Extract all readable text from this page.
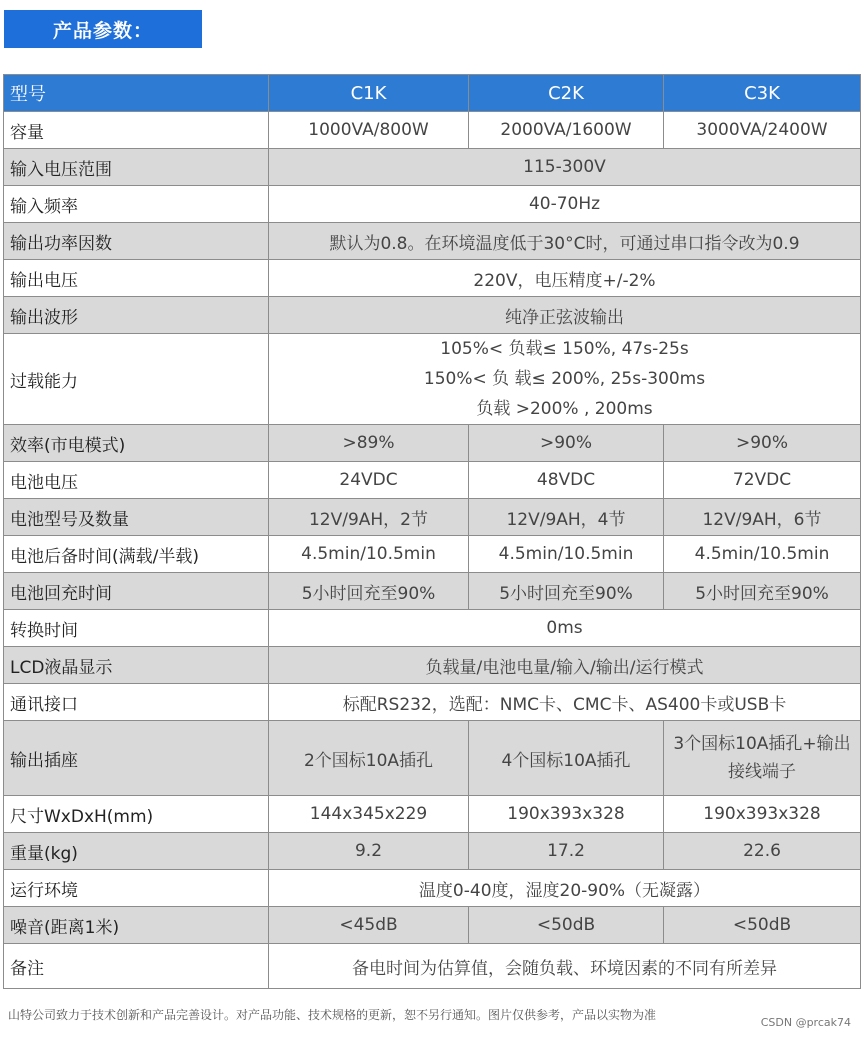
产品参数：
型号	C1K	C2K	C3K
容量	1000VA/800W	2000VA/1600W	3000VA/2400W
输入电压范围	115-300V		
输入频率	40-70Hz		
输出功率因数	默认为0.8。在环境温度低于30°C时，可通过串口指令改为0.9		
输出电压	220V，电压精度+/-2%		
输出波形	纯净正弦波输出		
过载能力	105%< 负载≤ 150%, 47s-25s
150%< 负 载≤ 200%, 25s-300ms
负载 >200% , 200ms		

效率(市电模式)	>89%	>90%	>90%
电池电压	24VDC	48VDC	72VDC
电池型号及数量	12V/9AH，2节	12V/9AH，4节	12V/9AH，6节
电池后备时间(满载/半载)	4.5min/10.5min	4.5min/10.5min	4.5min/10.5min
电池回充时间	5小时回充至90%	5小时回充至90%	5小时回充至90%
转换时间	0ms		
LCD液晶显示	负载量/电池电量/输入/输出/运行模式		
通讯接口	标配RS232，选配：NMC卡、CMC卡、AS400卡或USB卡		
输出插座	2个国标10A插孔	4个国标10A插孔	3个国标10A插孔+输出接线端子
尺寸WxDxH(mm)	144x345x229	190x393x328	190x393x328
重量(kg)	9.2	17.2	22.6
运行环境	温度0-40度，湿度20-90%（无凝露）		
噪音(距离1米)	<45dB	<50dB	<50dB
备注	备电时间为估算值，会随负载、环境因素的不同有所差异		
山特公司致力于技术创新和产品完善设计。对产品功能、技术规格的更新，恕不另行通知。图片仅供参考，产品以实物为准
CSDN @prcak74
